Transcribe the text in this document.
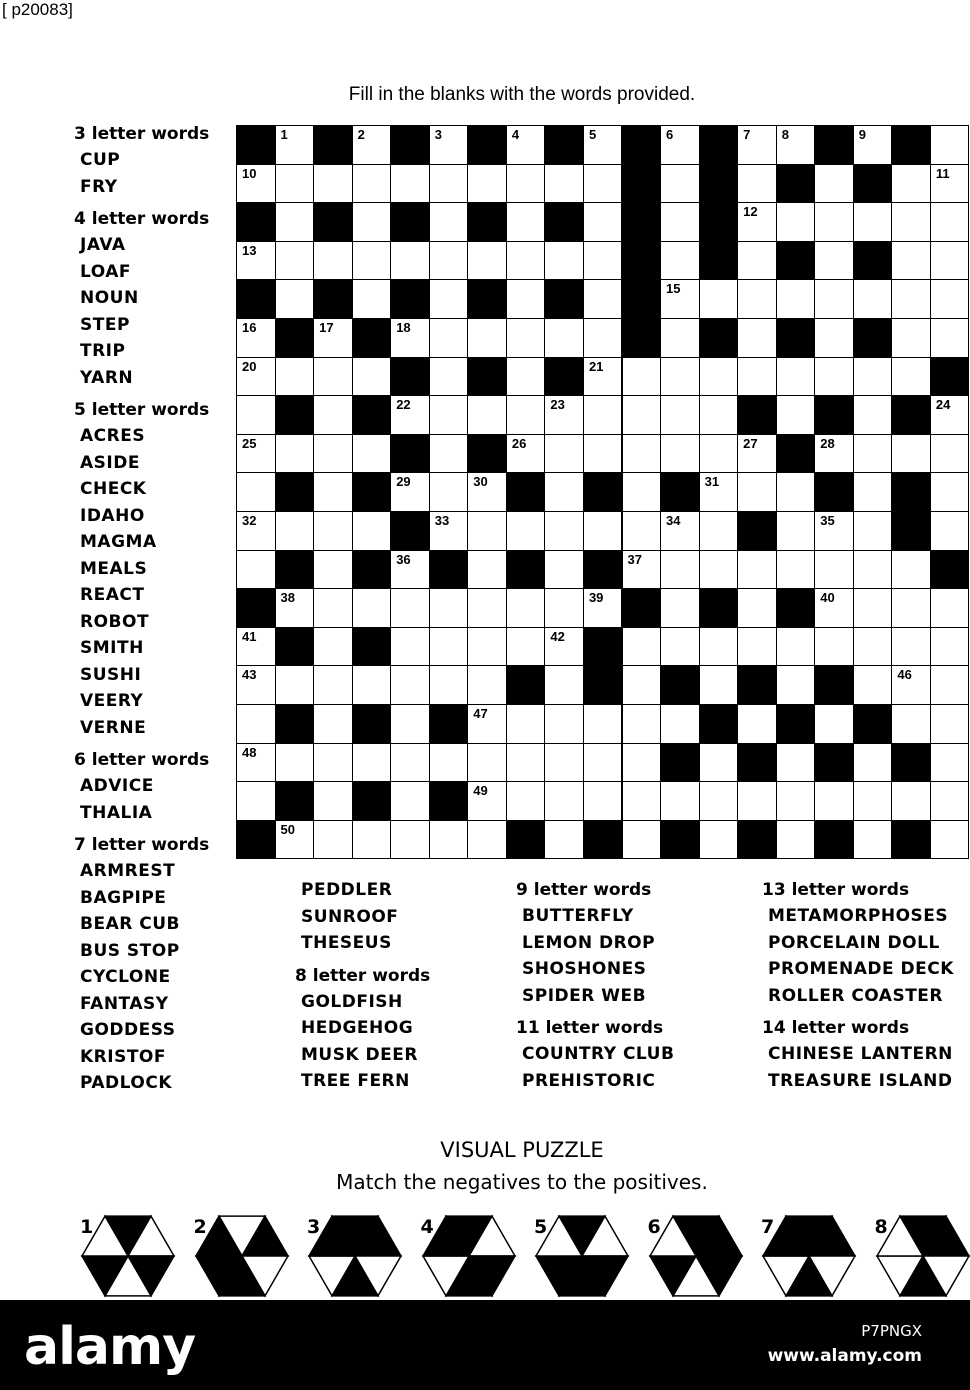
[ p20083]
Fill in the blanks with the words provided.
1	2	3	4	5	6	7 8	9
10	11
12
13
15
16	17	18
20	21
22	23	24
25	26	27	28
29	30	31
32	33	34	35
36	37
38	39	40
41	42
43	46
47
48
49
50
3 letter words
CUP
FRY
4 letter words
JAVA
LOAF
NOUN
STEP
TRIP
YARN
5 letter words
ACRES
ASIDE
CHECK
IDAHO
MAGMA
MEALS
REACT
ROBOT
SMITH
SUSHI
VEERY
VERNE
6 letter words
ADVICE
THALIA
7 letter words
ARMREST
BAGPIPE
BEAR CUB
BUS STOP
CYCLONE
FANTASY
GODDESS
KRISTOF
PADLOCK
PEDDLER
SUNROOF
THESEUS
8 letter words
GOLDFISH
HEDGEHOG
MUSK DEER
TREE FERN
9 letter words
BUTTERFLY
LEMON DROP
SHOSHONES
SPIDER WEB
11 letter words
COUNTRY CLUB
PREHISTORIC
13 letter words
METAMORPHOSES
PORCELAIN DOLL
PROMENADE DECK
ROLLER COASTER
14 letter words
CHINESE LANTERN
TREASURE ISLAND
VISUAL PUZZLE
Match the negatives to the positives.
1	2	3	4	5	6	7	8
alamy	P7PNGX
www.alamy.com
